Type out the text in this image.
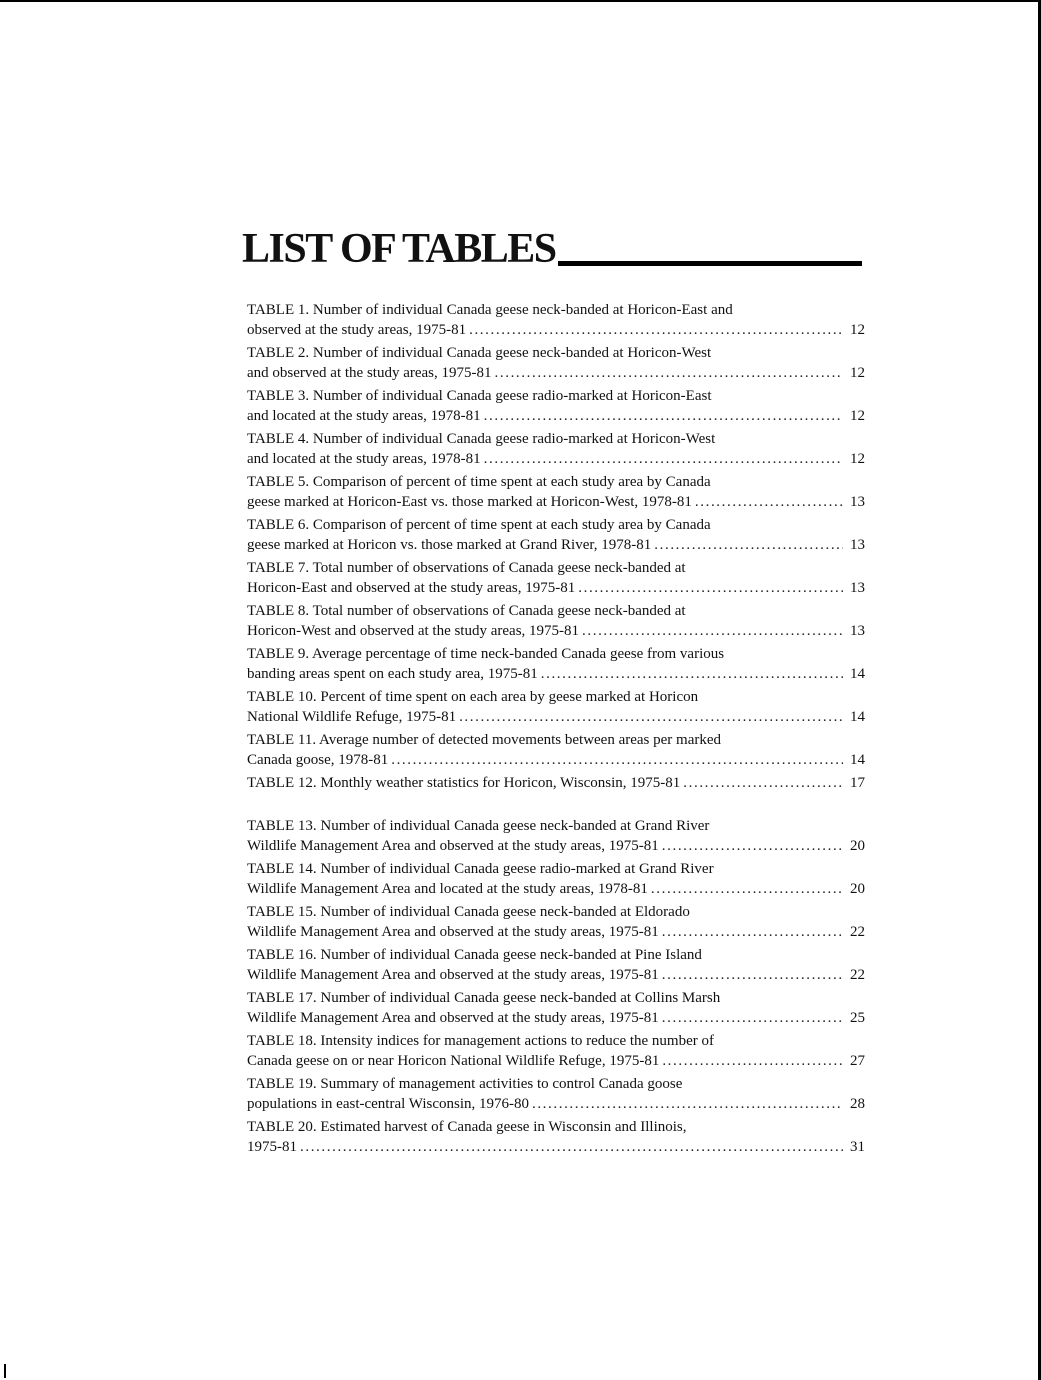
LIST OF TABLES
TABLE 1. Number of individual Canada geese neck-banded at Horicon-East and
observed at the study areas, 1975-81 .....	12
TABLE 2. Number of individual Canada geese neck-banded at Horicon-West
and observed at the study areas, 1975-81 .....	12
TABLE 3. Number of individual Canada geese radio-marked at Horicon-East
and located at the study areas, 1978-81 .....	12
TABLE 4. Number of individual Canada geese radio-marked at Horicon-West
and located at the study areas, 1978-81 .....	12
TABLE 5. Comparison of percent of time spent at each study area by Canada
geese marked at Horicon-East vs. those marked at Horicon-West, 1978-81 .....	13
TABLE 6. Comparison of percent of time spent at each study area by Canada
geese marked at Horicon vs. those marked at Grand River, 1978-81 .....	13
TABLE 7. Total number of observations of Canada geese neck-banded at
Horicon-East and observed at the study areas, 1975-81 .....	13
TABLE 8. Total number of observations of Canada geese neck-banded at
Horicon-West and observed at the study areas, 1975-81 .....	13
TABLE 9. Average percentage of time neck-banded Canada geese from various
banding areas spent on each study area, 1975-81 .....	14
TABLE 10. Percent of time spent on each area by geese marked at Horicon
National Wildlife Refuge, 1975-81 .....	14
TABLE 11. Average number of detected movements between areas per marked
Canada goose, 1978-81 .....	14
TABLE 12. Monthly weather statistics for Horicon, Wisconsin, 1975-81 .....	17
TABLE 13. Number of individual Canada geese neck-banded at Grand River
Wildlife Management Area and observed at the study areas, 1975-81 .....	20
TABLE 14. Number of individual Canada geese radio-marked at Grand River
Wildlife Management Area and located at the study areas, 1978-81 .....	20
TABLE 15. Number of individual Canada geese neck-banded at Eldorado
Wildlife Management Area and observed at the study areas, 1975-81 .....	22
TABLE 16. Number of individual Canada geese neck-banded at Pine Island
Wildlife Management Area and observed at the study areas, 1975-81 .....	22
TABLE 17. Number of individual Canada geese neck-banded at Collins Marsh
Wildlife Management Area and observed at the study areas, 1975-81 .....	25
TABLE 18. Intensity indices for management actions to reduce the number of
Canada geese on or near Horicon National Wildlife Refuge, 1975-81 .....	27
TABLE 19. Summary of management activities to control Canada goose
populations in east-central Wisconsin, 1976-80 .....	28
TABLE 20. Estimated harvest of Canada geese in Wisconsin and Illinois,
1975-81 .....	31
